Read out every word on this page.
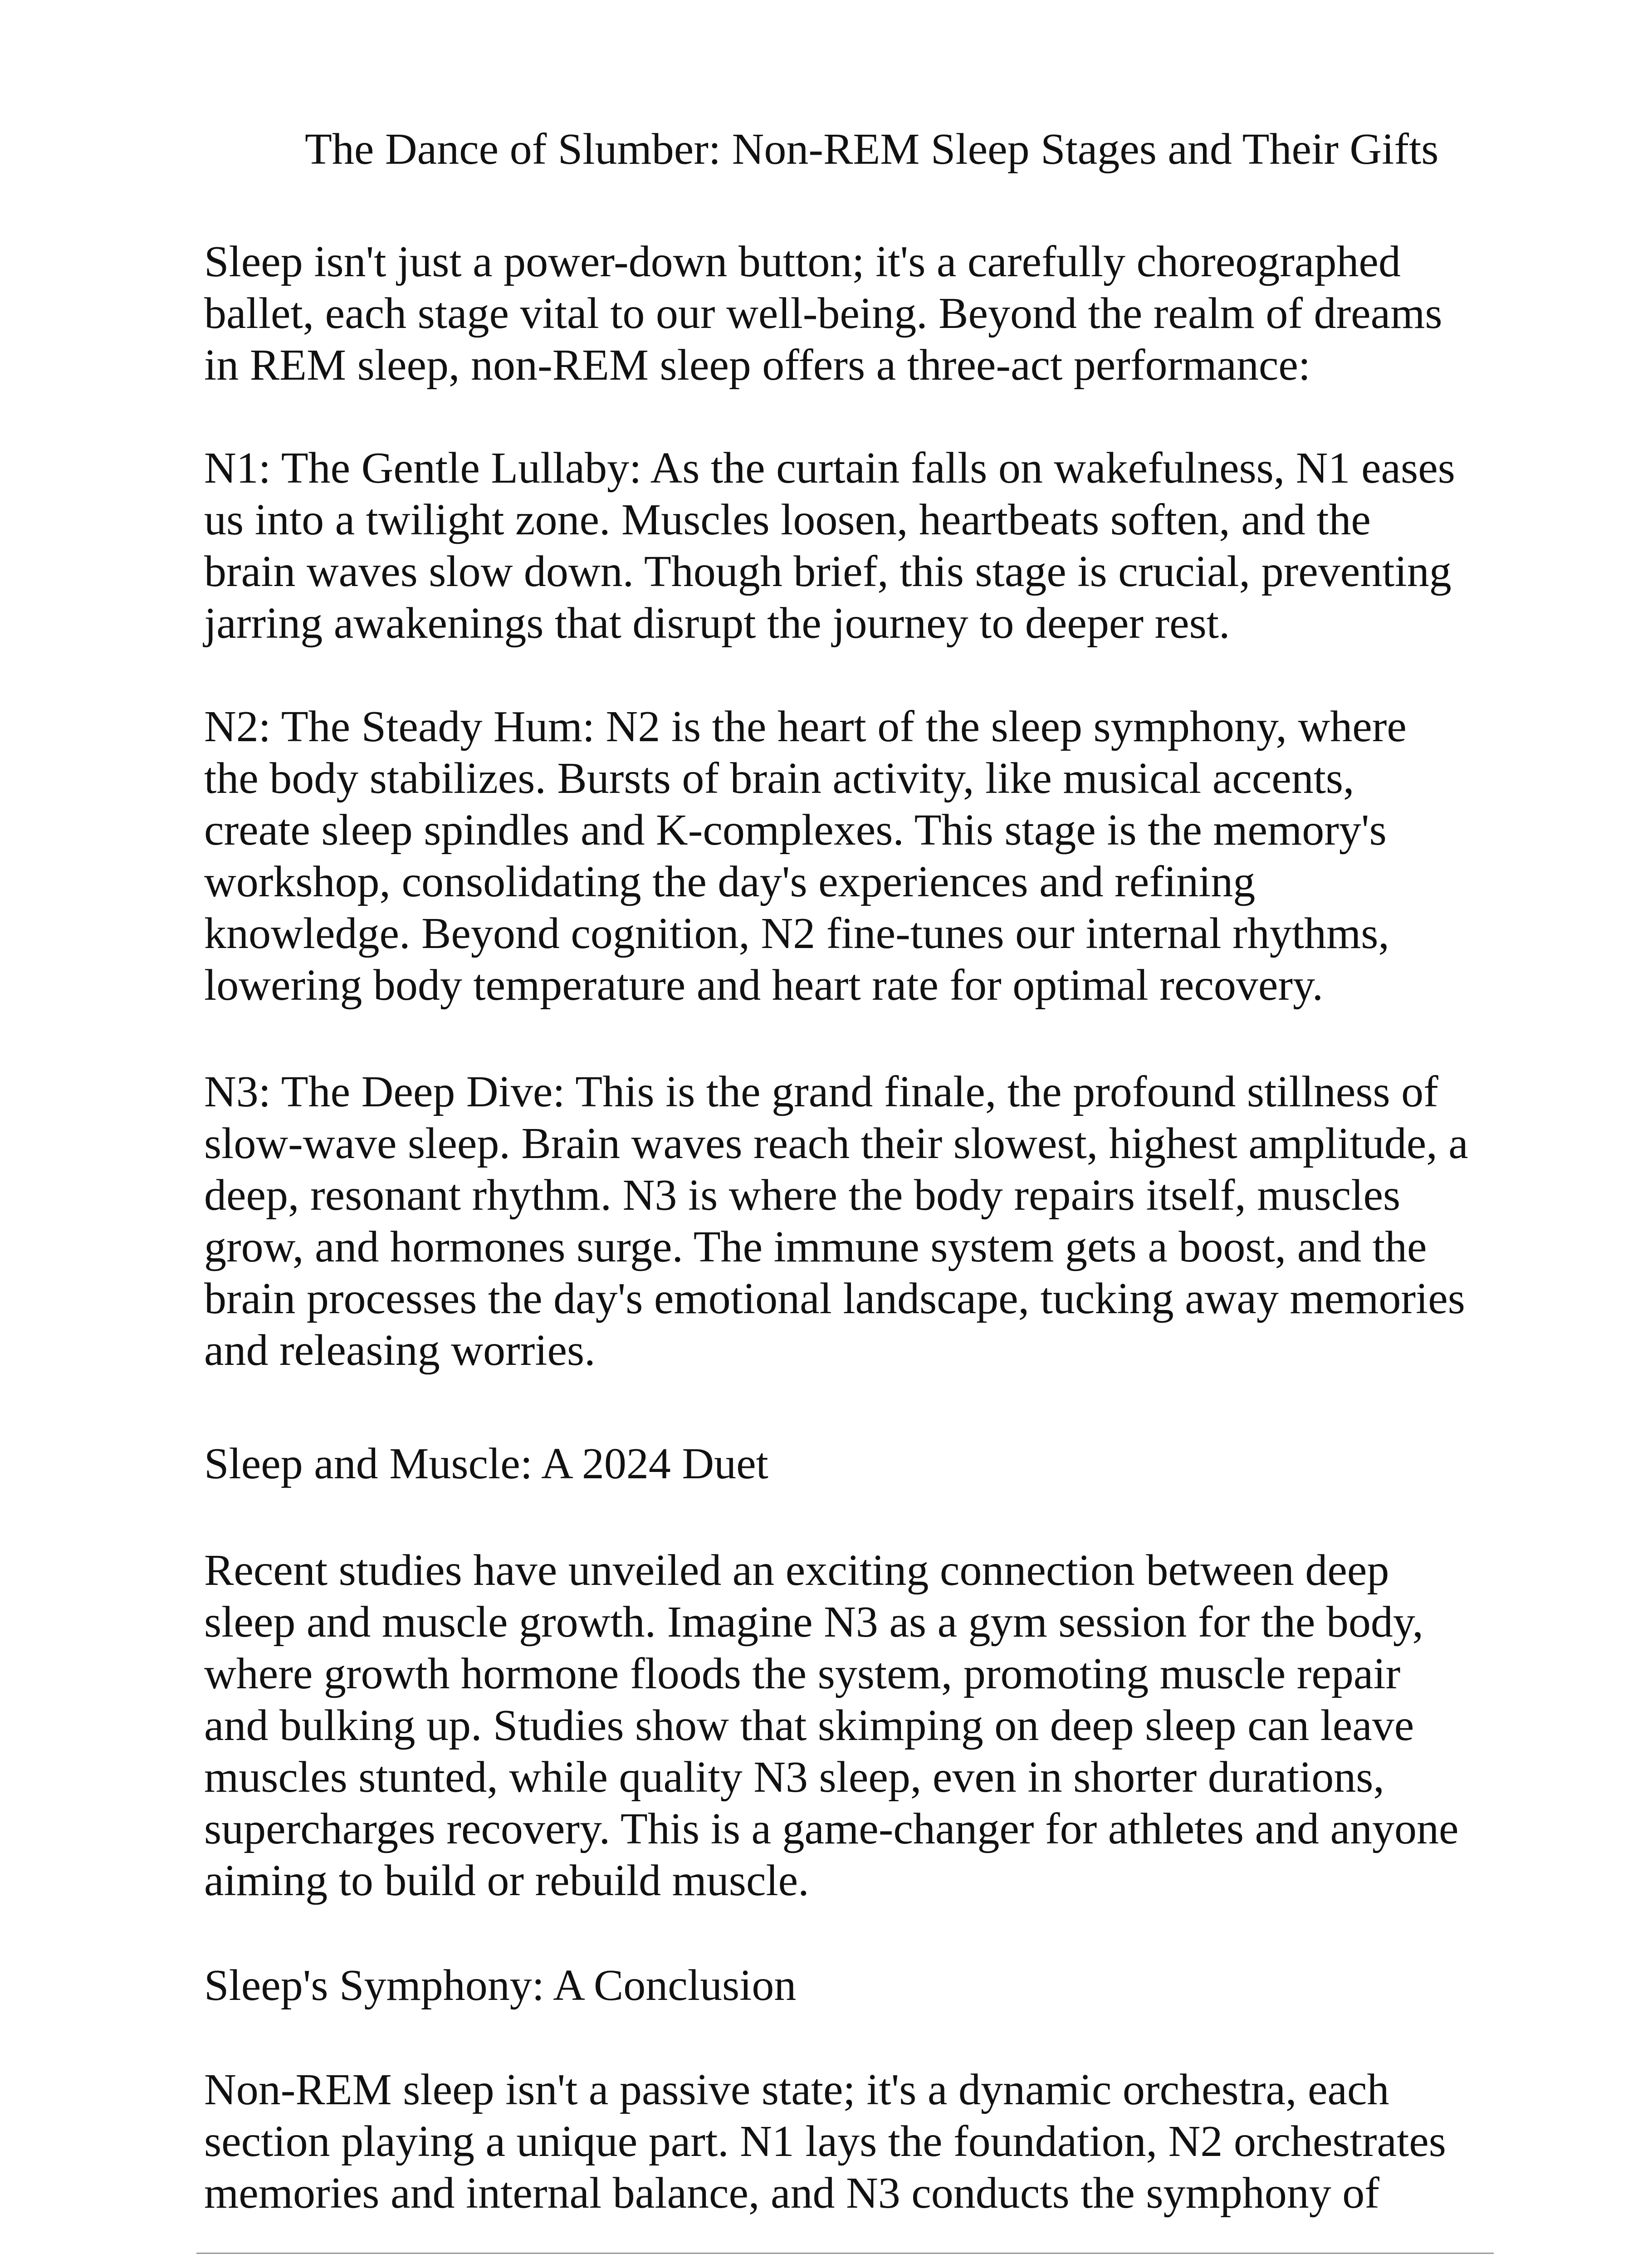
The Dance of Slumber: Non-REM Sleep Stages and Their Gifts
Sleep isn't just a power-down button; it's a carefully choreographed
ballet, each stage vital to our well-being. Beyond the realm of dreams
in REM sleep, non-REM sleep offers a three-act performance:
N1: The Gentle Lullaby: As the curtain falls on wakefulness, N1 eases
us into a twilight zone. Muscles loosen, heartbeats soften, and the
brain waves slow down. Though brief, this stage is crucial, preventing
jarring awakenings that disrupt the journey to deeper rest.
N2: The Steady Hum: N2 is the heart of the sleep symphony, where
the body stabilizes. Bursts of brain activity, like musical accents,
create sleep spindles and K-complexes. This stage is the memory's
workshop, consolidating the day's experiences and refining
knowledge. Beyond cognition, N2 fine-tunes our internal rhythms,
lowering body temperature and heart rate for optimal recovery.
N3: The Deep Dive: This is the grand finale, the profound stillness of
slow-wave sleep. Brain waves reach their slowest, highest amplitude, a
deep, resonant rhythm. N3 is where the body repairs itself, muscles
grow, and hormones surge. The immune system gets a boost, and the
brain processes the day's emotional landscape, tucking away memories
and releasing worries.
Sleep and Muscle: A 2024 Duet
Recent studies have unveiled an exciting connection between deep
sleep and muscle growth. Imagine N3 as a gym session for the body,
where growth hormone floods the system, promoting muscle repair
and bulking up. Studies show that skimping on deep sleep can leave
muscles stunted, while quality N3 sleep, even in shorter durations,
supercharges recovery. This is a game-changer for athletes and anyone
aiming to build or rebuild muscle.
Sleep's Symphony: A Conclusion
Non-REM sleep isn't a passive state; it's a dynamic orchestra, each
section playing a unique part. N1 lays the foundation, N2 orchestrates
memories and internal balance, and N3 conducts the symphony of
